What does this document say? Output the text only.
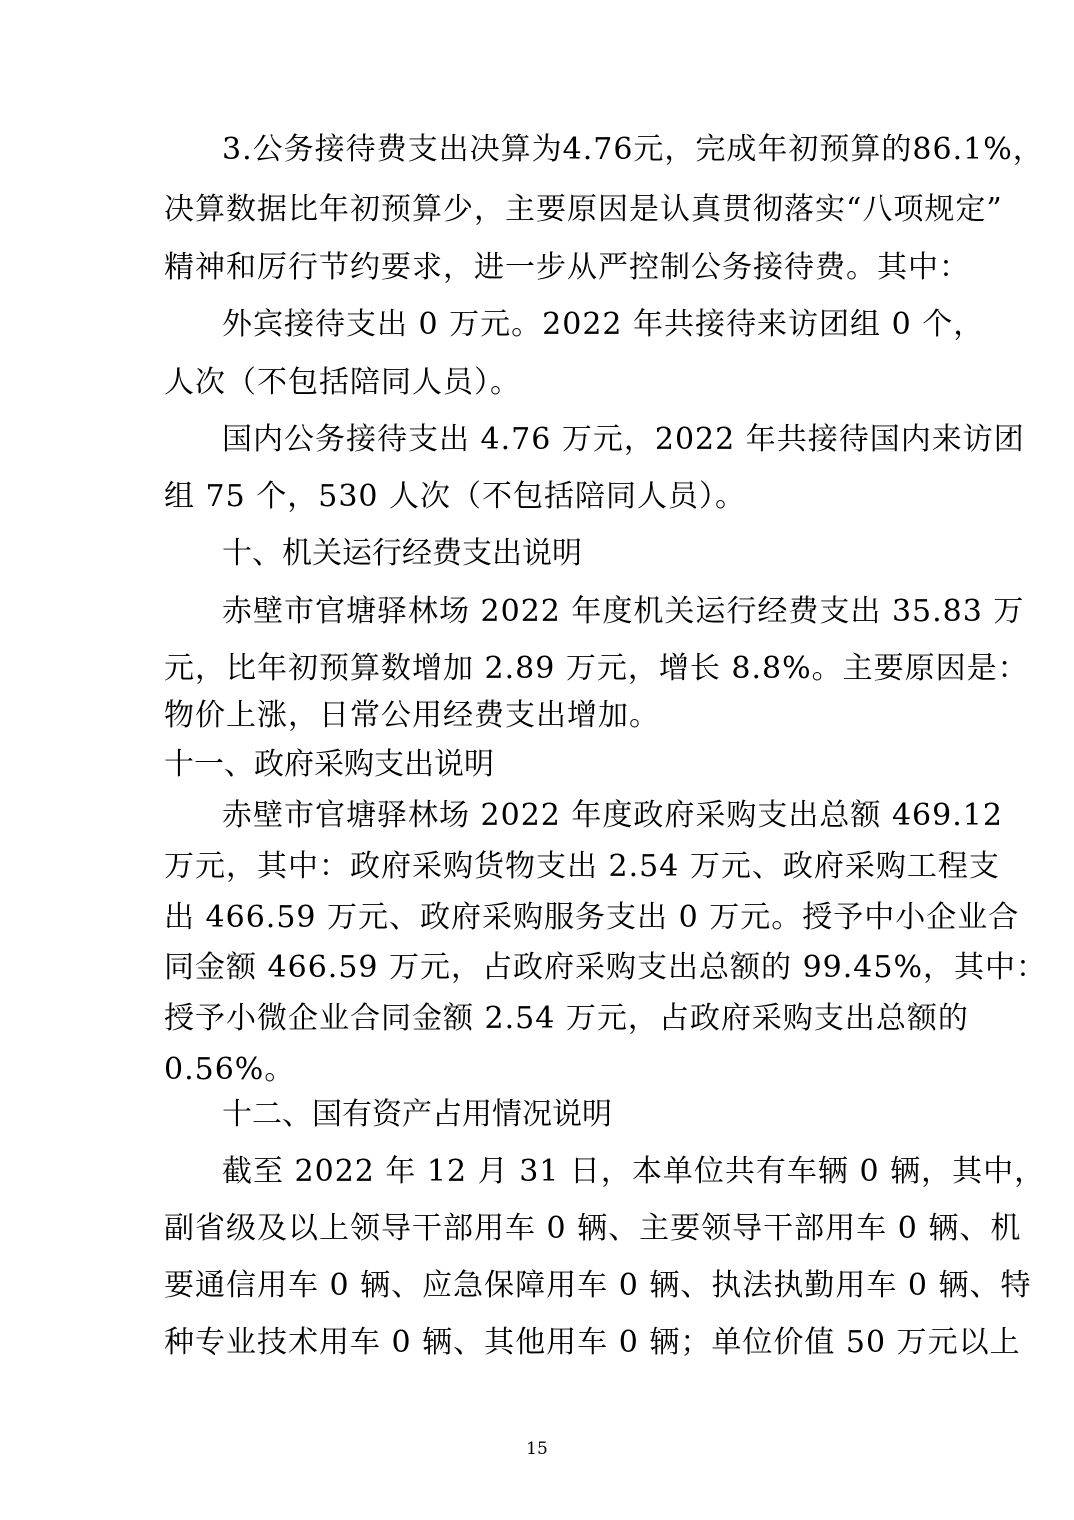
3.公务接待费支出决算为4.76元，完成年初预算的86.1%，
决算数据比年初预算少，主要原因是认真贯彻落实“八项规定”
精神和厉行节约要求，进一步从严控制公务接待费。其中：
外宾接待支出 0 万元。2022 年共接待来访团组 0 个，
人次（不包括陪同人员）。
国内公务接待支出 4.76 万元，2022 年共接待国内来访团
组 75 个，530 人次（不包括陪同人员）。
十、机关运行经费支出说明
赤壁市官塘驿林场 2022 年度机关运行经费支出 35.83 万
元，比年初预算数增加 2.89 万元，增长 8.8%。主要原因是：
物价上涨，日常公用经费支出增加。
十一、政府采购支出说明
赤壁市官塘驿林场 2022 年度政府采购支出总额 469.12
万元，其中：政府采购货物支出 2.54 万元、政府采购工程支
出 466.59 万元、政府采购服务支出 0 万元。授予中小企业合
同金额 466.59 万元，占政府采购支出总额的 99.45%，其中：
授予小微企业合同金额 2.54 万元，占政府采购支出总额的
0.56%。
十二、国有资产占用情况说明
截至 2022 年 12 月 31 日，本单位共有车辆 0 辆，其中，
副省级及以上领导干部用车 0 辆、主要领导干部用车 0 辆、机
要通信用车 0 辆、应急保障用车 0 辆、执法执勤用车 0 辆、特
种专业技术用车 0 辆、其他用车 0 辆；单位价值 50 万元以上
15
